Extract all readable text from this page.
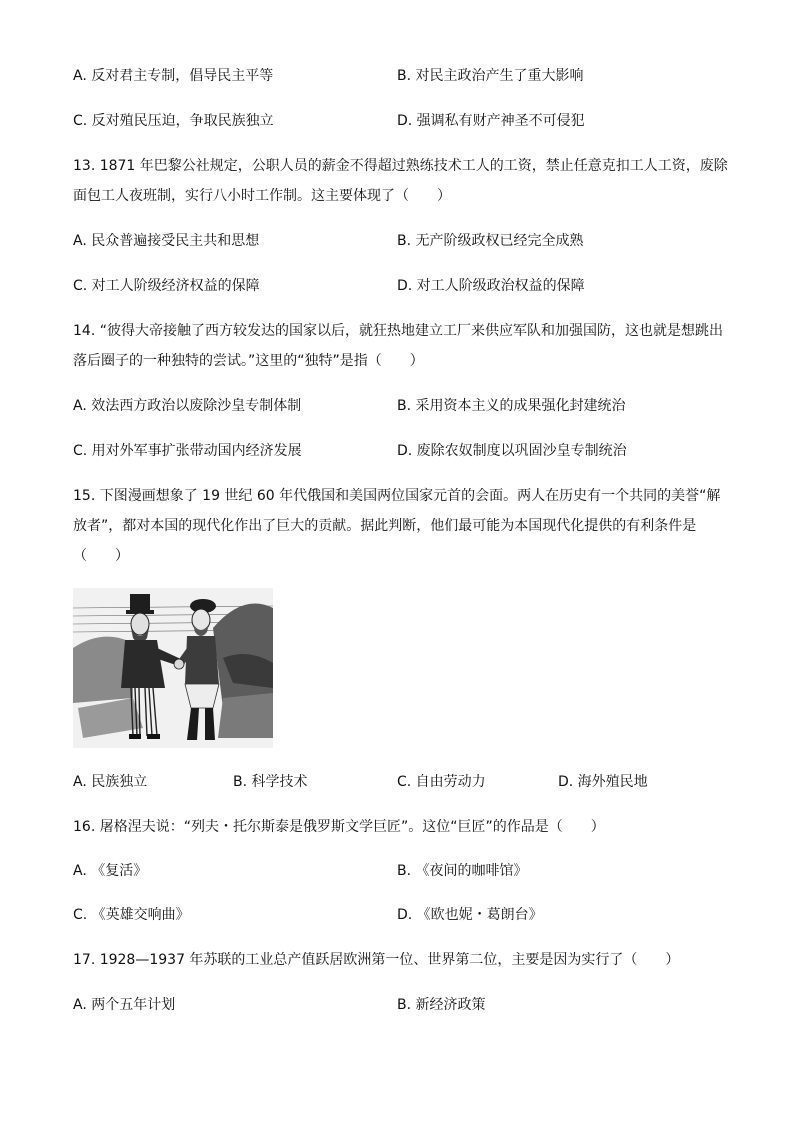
A. 反对君主专制，倡导民主平等	B. 对民主政治产生了重大影响
C. 反对殖民压迫，争取民族独立	D. 强调私有财产神圣不可侵犯
13. 1871 年巴黎公社规定，公职人员的薪金不得超过熟练技术工人的工资，禁止任意克扣工人工资，废除
面包工人夜班制，实行八小时工作制。这主要体现了（　　）
A. 民众普遍接受民主共和思想	B. 无产阶级政权已经完全成熟
C. 对工人阶级经济权益的保障	D. 对工人阶级政治权益的保障
14. “彼得大帝接触了西方较发达的国家以后，就狂热地建立工厂来供应军队和加强国防，这也就是想跳出
落后圈子的一种独特的尝试。”这里的“独特”是指（　　）
A. 效法西方政治以废除沙皇专制体制	B. 采用资本主义的成果强化封建统治
C. 用对外军事扩张带动国内经济发展	D. 废除农奴制度以巩固沙皇专制统治
15. 下图漫画想象了 19 世纪 60 年代俄国和美国两位国家元首的会面。两人在历史有一个共同的美誉“解
放者”，都对本国的现代化作出了巨大的贡献。据此判断，他们最可能为本国现代化提供的有利条件是
（　　）
A. 民族独立	B. 科学技术	C. 自由劳动力	D. 海外殖民地
16. 屠格涅夫说：“列夫・托尔斯泰是俄罗斯文学巨匠”。这位“巨匠”的作品是（　　）
A. 《复活》	B. 《夜间的咖啡馆》
C. 《英雄交响曲》	D. 《欧也妮・葛朗台》
17. 1928—1937 年苏联的工业总产值跃居欧洲第一位、世界第二位，主要是因为实行了（　　）
A. 两个五年计划	B. 新经济政策
